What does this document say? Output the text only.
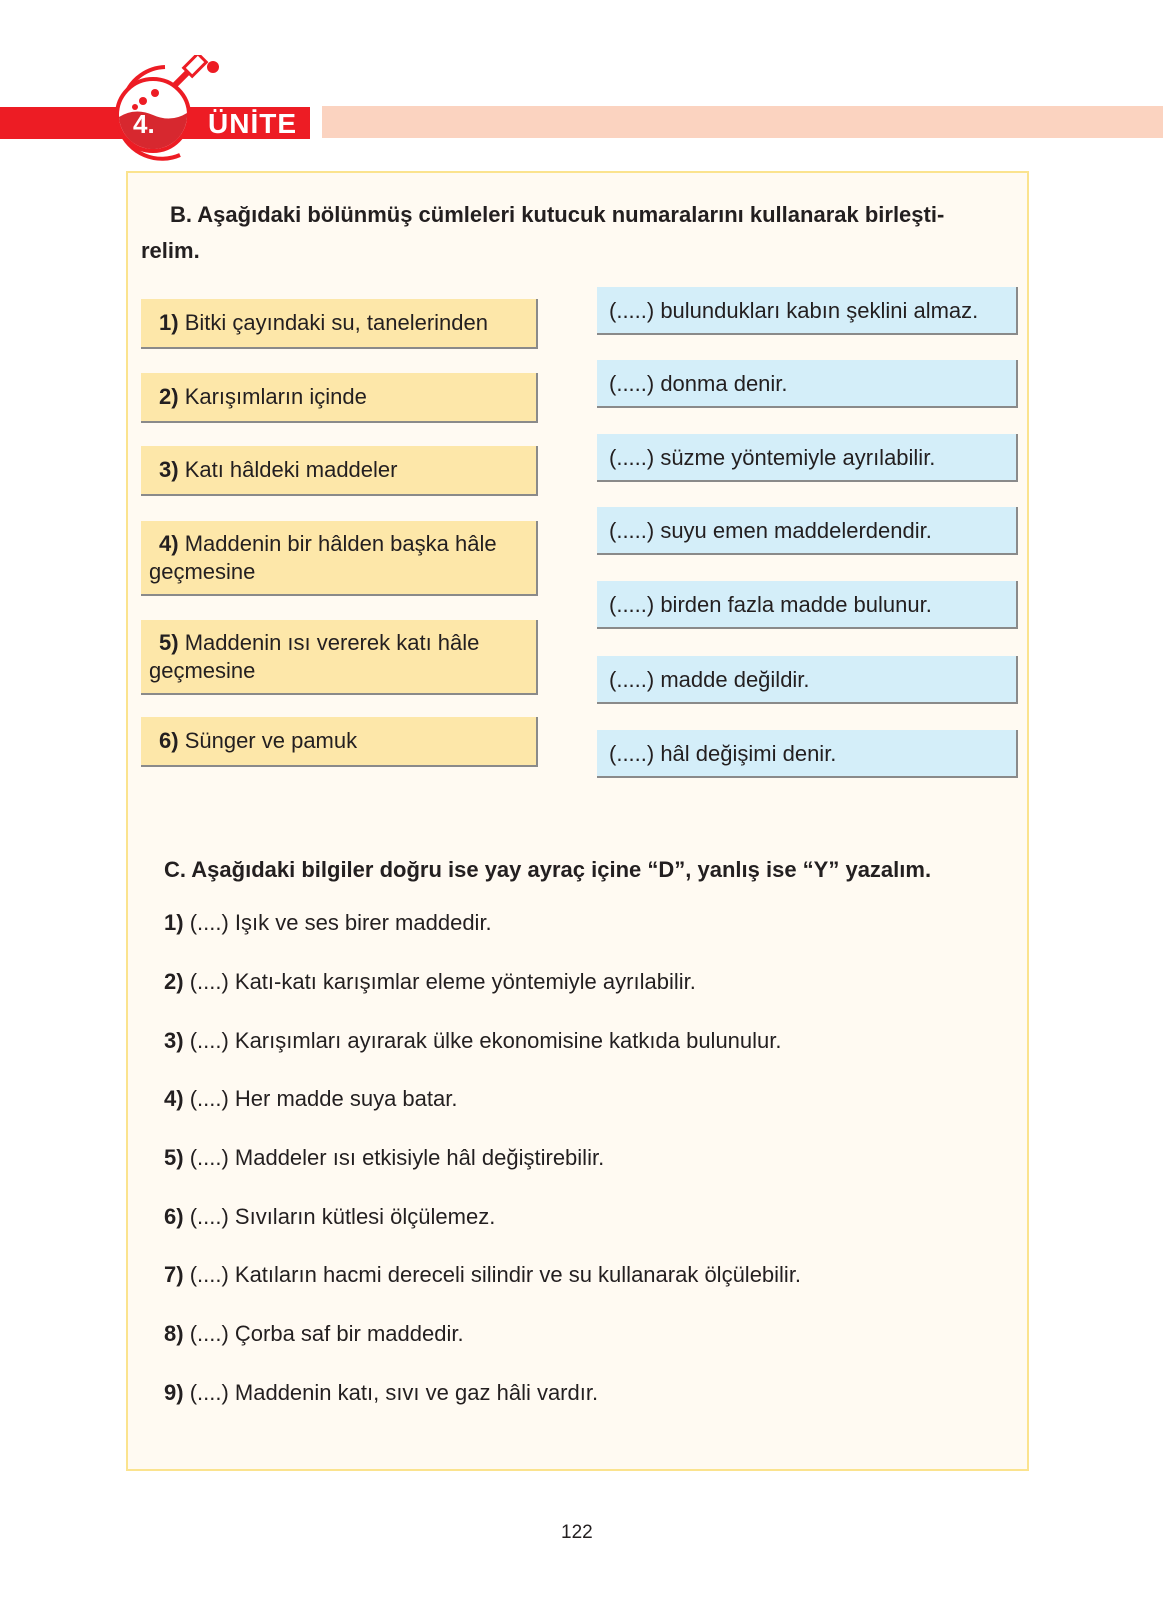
4. ÜNİTE
B. Aşağıdaki bölünmüş cümleleri kutucuk numaralarını kullanarak birleşti-
relim.
1) Bitki çayındaki su, tanelerinden
2) Karışımların içinde
3) Katı hâldeki maddeler
4) Maddenin bir hâlden başka hâle
geçmesine
5) Maddenin ısı vererek katı hâle
geçmesine
6) Sünger ve pamuk
(.....) bulundukları kabın şeklini almaz.
(.....) donma denir.
(.....) süzme yöntemiyle ayrılabilir.
(.....) suyu emen maddelerdendir.
(.....) birden fazla madde bulunur.
(.....) madde değildir.
(.....) hâl değişimi denir.
C. Aşağıdaki bilgiler doğru ise yay ayraç içine “D”, yanlış ise “Y” yazalım.
1) (....) Işık ve ses birer maddedir.
2) (....) Katı-katı karışımlar eleme yöntemiyle ayrılabilir.
3) (....) Karışımları ayırarak ülke ekonomisine katkıda bulunulur.
4) (....) Her madde suya batar.
5) (....) Maddeler ısı etkisiyle hâl değiştirebilir.
6) (....) Sıvıların kütlesi ölçülemez.
7) (....) Katıların hacmi dereceli silindir ve su kullanarak ölçülebilir.
8) (....) Çorba saf bir maddedir.
9) (....) Maddenin katı, sıvı ve gaz hâli vardır.
122
